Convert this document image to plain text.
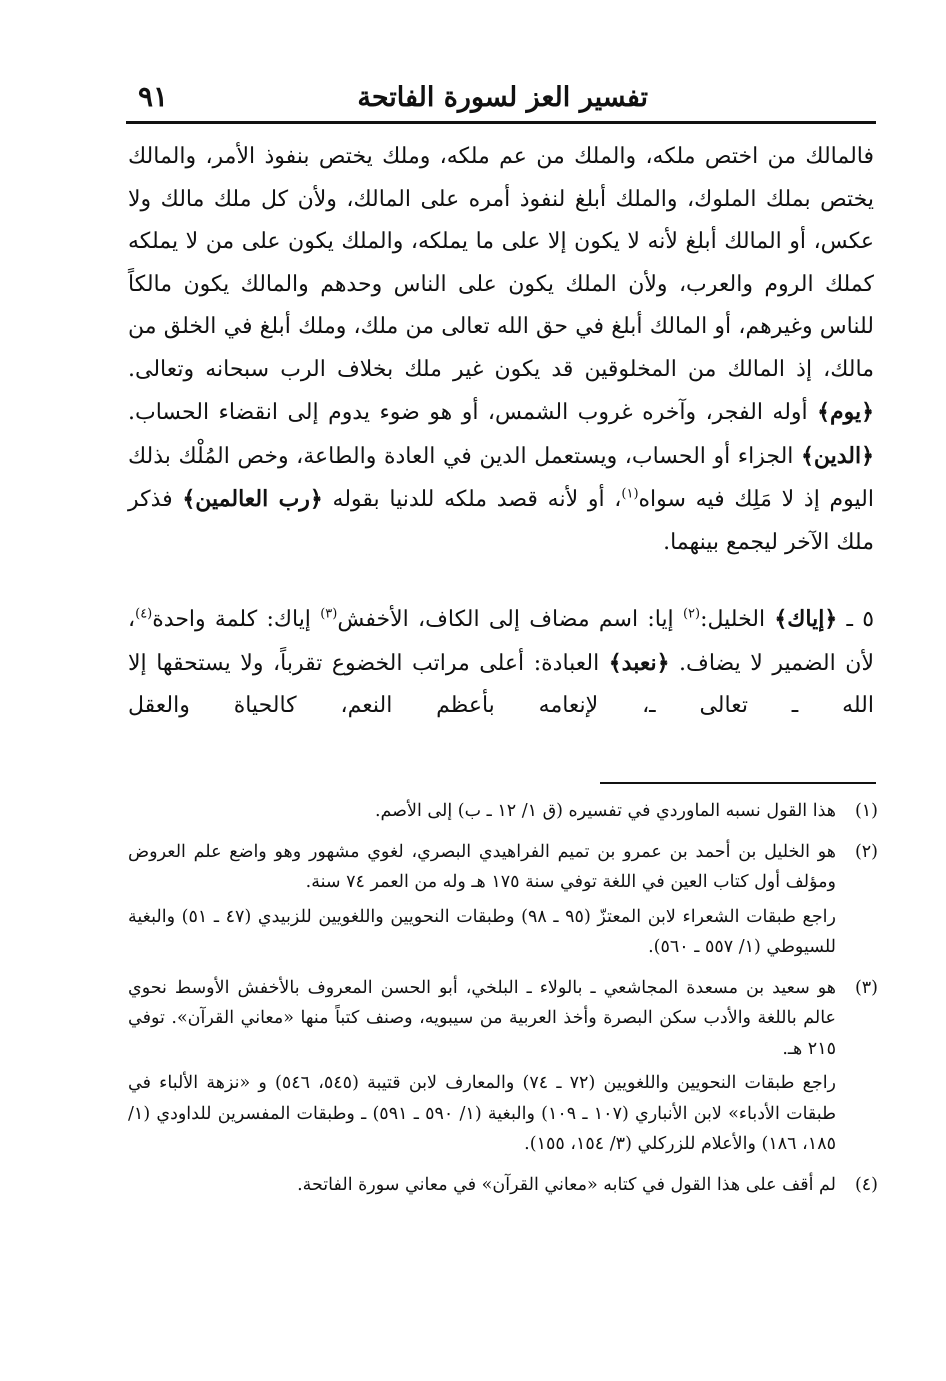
تفسير العز لسورة الفاتحة
٩١

فالمالك من اختص ملكه، والملك من عم ملكه، وملك يختص بنفوذ الأمر، والمالك يختص بملك الملوك، والملك أبلغ لنفوذ أمره على المالك، ولأن كل ملك مالك ولا عكس، أو المالك أبلغ لأنه لا يكون إلا على ما يملكه، والملك يكون على من لا يملكه كملك الروم والعرب، ولأن الملك يكون على الناس وحدهم والمالك يكون مالكاً للناس وغيرهم، أو المالك أبلغ في حق الله تعالى من ملك، وملك أبلغ في الخلق من مالك، إذ المالك من المخلوقين قد يكون غير ملك بخلاف الرب سبحانه وتعالى. ﴿يوم﴾ أوله الفجر، وآخره غروب الشمس، أو هو ضوء يدوم إلى انقضاء الحساب.

﴿الدين﴾ الجزاء أو الحساب، ويستعمل الدين في العادة والطاعة، وخص المُلْك بذلك اليوم إذ لا مَلِك فيه سواه$^{(١)}$، أو لأنه قصد ملكه للدنيا بقوله ﴿رب العالمين﴾ فذكر ملك الآخر ليجمع بينهما.

٥ ـ ﴿إياك﴾ الخليل:$^{(٢)}$ إيا: اسم مضاف إلى الكاف، الأخفش$^{(٣)}$ إياك: كلمة واحدة$^{(٤)}$، لأن الضمير لا يضاف. ﴿نعبد﴾ العبادة: أعلى مراتب الخضوع تقرباً، ولا يستحقها إلا الله ـ تعالى ـ، لإنعامه بأعظم النعم، كالحياة والعقل

(١)

هذا القول نسبه الماوردي في تفسيره (ق ١/ ١٢ ـ ب) إلى الأصم.

(٢)

هو الخليل بن أحمد بن عمرو بن تميم الفراهيدي البصري، لغوي مشهور وهو واضع علم العروض ومؤلف أول كتاب العين في اللغة توفي سنة ١٧٥ هـ وله من العمر ٧٤ سنة.

راجع طبقات الشعراء لابن المعتزّ (٩٥ ـ ٩٨) وطبقات النحويين واللغويين للزبيدي (٤٧ ـ ٥١) والبغية للسيوطي (١/ ٥٥٧ ـ ٥٦٠).

(٣)

هو سعيد بن مسعدة المجاشعي ـ بالولاء ـ البلخي، أبو الحسن المعروف بالأخفش الأوسط نحوي عالم باللغة والأدب سكن البصرة وأخذ العربية من سيبويه، وصنف كتباً منها «معاني القرآن». توفي ٢١٥ هـ.

راجع طبقات النحويين واللغويين (٧٢ ـ ٧٤) والمعارف لابن قتيبة (٥٤٥، ٥٤٦) و «نزهة الألباء في طبقات الأدباء» لابن الأنباري (١٠٧ ـ ١٠٩) والبغية (١/ ٥٩٠ ـ ٥٩١) ـ وطبقات المفسرين للداودي (١/ ١٨٥، ١٨٦) والأعلام للزركلي (٣/ ١٥٤، ١٥٥).

(٤)

لم أقف على هذا القول في كتابه «معاني القرآن» في معاني سورة الفاتحة.
